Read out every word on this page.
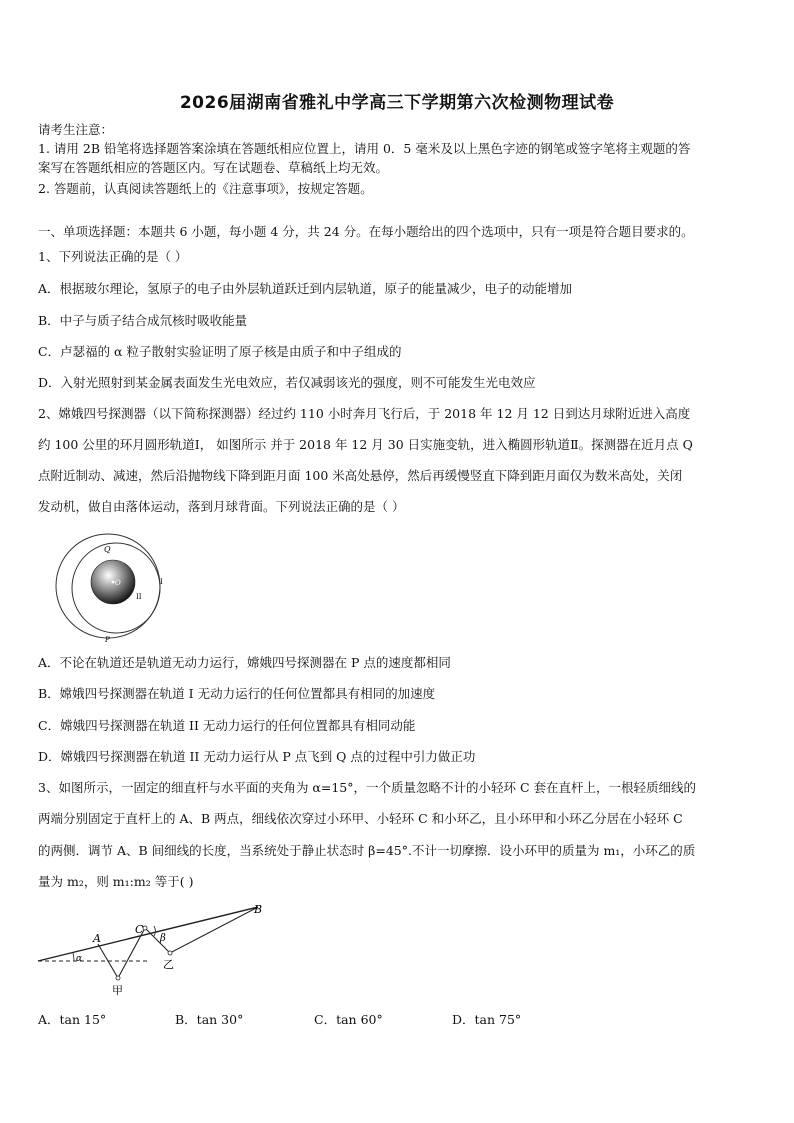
2026届湖南省雅礼中学高三下学期第六次检测物理试卷
请考生注意：
1. 请用 2B 铅笔将选择题答案涂填在答题纸相应位置上，请用 0．5 毫米及以上黑色字迹的钢笔或签字笔将主观题的答
案写在答题纸相应的答题区内。写在试题卷、草稿纸上均无效。
2. 答题前，认真阅读答题纸上的《注意事项》，按规定答题。
一、单项选择题：本题共 6 小题，每小题 4 分，共 24 分。在每小题给出的四个选项中，只有一项是符合题目要求的。
1、下列说法正确的是（ ）
A．根据玻尔理论，氢原子的电子由外层轨道跃迁到内层轨道，原子的能量减少，电子的动能增加
B．中子与质子结合成氘核时吸收能量
C．卢瑟福的 α 粒子散射实验证明了原子核是由质子和中子组成的
D．入射光照射到某金属表面发生光电效应，若仅减弱该光的强度，则不可能发生光电效应
2、嫦娥四号探测器（以下简称探测器）经过约 110 小时奔月飞行后，于 2018 年 12 月 12 日到达月球附近进入高度
约 100 公里的环月圆形轨道Ⅰ， 如图所示 并于 2018 年 12 月 30 日实施变轨，进入椭圆形轨道Ⅱ。探测器在近月点 Q
点附近制动、减速，然后沿抛物线下降到距月面 100 米高处悬停，然后再缓慢竖直下降到距月面仅为数米高处，关闭
发动机，做自由落体运动，落到月球背面。下列说法正确的是（ ）
Q
O	I
II
P
A．不论在轨道还是轨道无动力运行，嫦娥四号探测器在 P 点的速度都相同
B．嫦娥四号探测器在轨道 I 无动力运行的任何位置都具有相同的加速度
C．嫦娥四号探测器在轨道 II 无动力运行的任何位置都具有相同动能
D．嫦娥四号探测器在轨道 II 无动力运行从 P 点飞到 Q 点的过程中引力做正功
3、如图所示，一固定的细直杆与水平面的夹角为 α=15°，一个质量忽略不计的小轻环 C 套在直杆上，一根轻质细线的
两端分别固定于直杆上的 A、B 两点，细线依次穿过小环甲、小轻环 C 和小环乙，且小环甲和小环乙分居在小轻环 C
的两侧．调节 A、B 间细线的长度，当系统处于静止状态时 β=45°.不计一切摩擦．设小环甲的质量为 m₁，小环乙的质
量为 m₂，则 m₁:m₂ 等于( )
α
A
C
β
B
甲
乙
A．tan 15°	B．tan 30°	C．tan 60°	D．tan 75°
